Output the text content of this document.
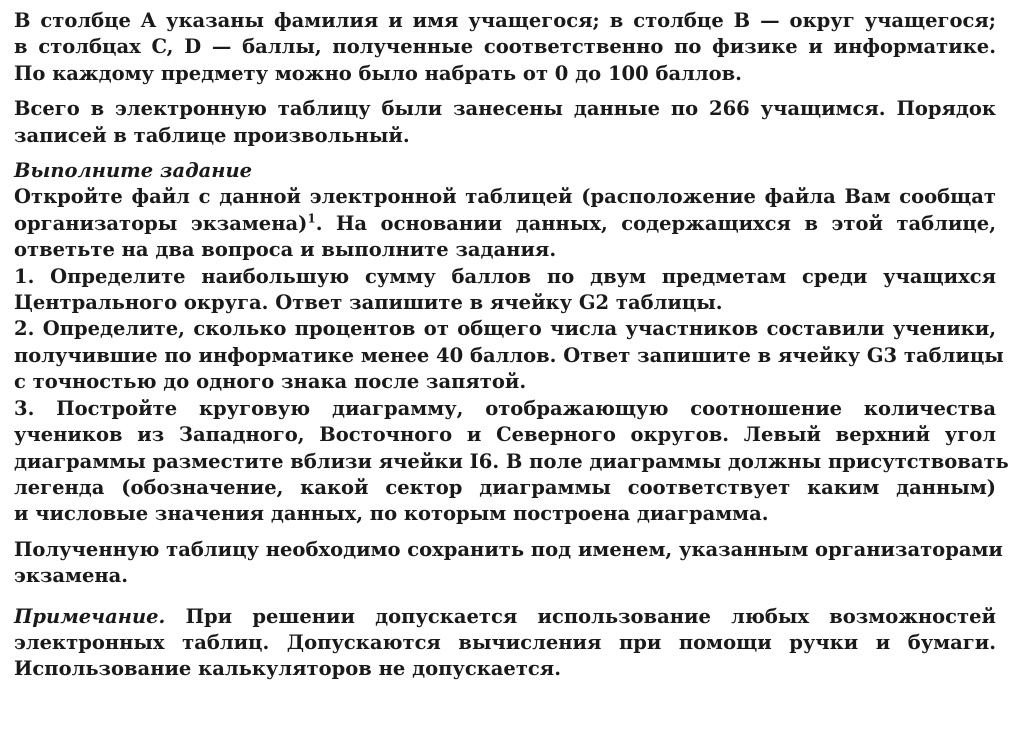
В столбце A указаны фамилия и имя учащегося; в столбце B — округ учащегося;
в столбцах C, D — баллы, полученные соответственно по физике и информатике.
По каждому предмету можно было набрать от 0 до 100 баллов.

Всего в электронную таблицу были занесены данные по 266 учащимся. Порядок
записей в таблице произвольный.

Выполните задание

Откройте файл с данной электронной таблицей (расположение файла Вам сообщат
организаторы экзамена)$^1$. На основании данных, содержащихся в этой таблице,
ответьте на два вопроса и выполните задания.

1. Определите наибольшую сумму баллов по двум предметам среди учащихся
Центрального округа. Ответ запишите в ячейку G2 таблицы.

2. Определите, сколько процентов от общего числа участников составили ученики,
получившие по информатике менее 40 баллов. Ответ запишите в ячейку G3 таблицы
с точностью до одного знака после запятой.

3. Постройте круговую диаграмму, отображающую соотношение количества
учеников из Западного, Восточного и Северного округов. Левый верхний угол
диаграммы разместите вблизи ячейки I6. В поле диаграммы должны присутствовать
легенда (обозначение, какой сектор диаграммы соответствует каким данным)
и числовые значения данных, по которым построена диаграмма.

Полученную таблицу необходимо сохранить под именем, указанным организаторами
экзамена.

Примечание. При решении допускается использование любых возможностей
электронных таблиц. Допускаются вычисления при помощи ручки и бумаги.
Использование калькуляторов не допускается.
